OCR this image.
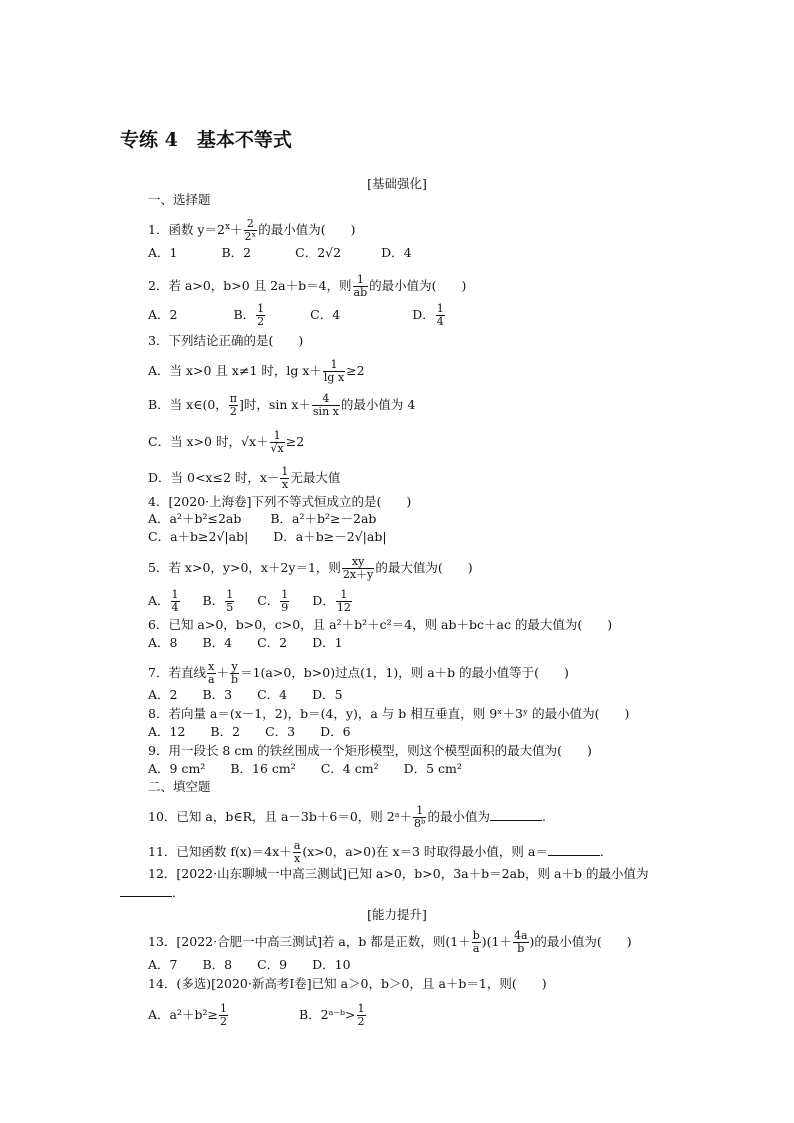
专练 4　基本不等式
[基础强化]
一、选择题
1．函数 $y=2^x+ \frac{2}{\text{2ˣ}}$ 的最小值为(　　)
A．1	B．2	C．2√2	D．4
2．若 a>0，b>0 且 2a＋b＝4，则 $\frac{1}{ab}$ 的最小值为(　　)
A．2	B． $\frac{1}{2}$	C．4	D． $\frac{1}{4}$
3．下列结论正确的是(　　)
A．当 x>0 且 x≠1 时，$\lg x+ \frac{1}{\text{lg x}} \ge 2$
B．当 x∈(0， $\frac{\pi}{2}$ ]时，$\sin x+ \frac{4}{\text{sin x}}$ 的最小值为 4
C．当 x>0 时，$√x+ \frac{1}{√x} \ge 2$
D．当 0<x≤2 时，$x- \frac{1}{x}$ 无最大值
4．[2020·上海卷]下列不等式恒成立的是(　　)
A．a²＋b²≤2ab　　 B．a²＋b²≥－2ab
C．a＋b≥2√|ab|　　D．a＋b≥－2√|ab|
5．若 x>0，y>0，x＋2y＝1，则 $\frac{xy}{2x+y}$ 的最大值为(　　)
A． $\frac{1}{4}$ B． $\frac{1}{5}$ C． $\frac{1}{9}$ D． $\frac{1}{12}$
6．已知 a>0，b>0，c>0，且 a²＋b²＋c²＝4，则 ab＋bc＋ac 的最大值为(　　)
A．8　　B．4　　C．2　　D．1
7．若直线 $\frac{x}{a} + \frac{y}{b} =1(a>0$，b>0)过点(1，1)，则 a＋b 的最小值等于(　　)
A．2　　B．3　　C．4　　D．5
8．若向量 a＝(x－1，2)，b＝(4，y)，a 与 b 相互垂直，则 9ˣ＋3ʸ 的最小值为(　　)
A．12　　B．2　　C．3　　D．6
9．用一段长 8 cm 的铁丝围成一个矩形模型，则这个模型面积的最大值为(　　)
A．9 cm²　　B．16 cm²　　C．4 cm²　　D．5 cm²
二、填空题
10．已知 a，b∈R，且 a－3b＋6＝0，则 2ᵃ＋ $\frac{1}{\text{8ᵇ}}$ 的最小值为	.
11．已知函数 $f(x)=4x+ \frac{a}{x} (x>0$，a>0)在 x＝3 时取得最小值，则 a＝	．
12．[2022·山东聊城一中高三测试]已知 a>0，b>0，3a＋b＝2ab，则 a＋b 的最小值为
．
[能力提升]
13．[2022·合肥一中高三测试]若 a，b 都是正数，则$(1+ \frac{b}{a} )(1+ \frac{4a}{b}$ )的最小值为(　　)
A．7　　B．8　　C．9　　D．10
14．(多选)[2020·新高考Ⅰ卷]已知 a＞0，b＞0，且 a＋b＝1，则(　　)
A．$a^2+b^2\ge \frac{1}{2}$	B．2ᵃ⁻ᵇ> $\frac{1}{2}$
